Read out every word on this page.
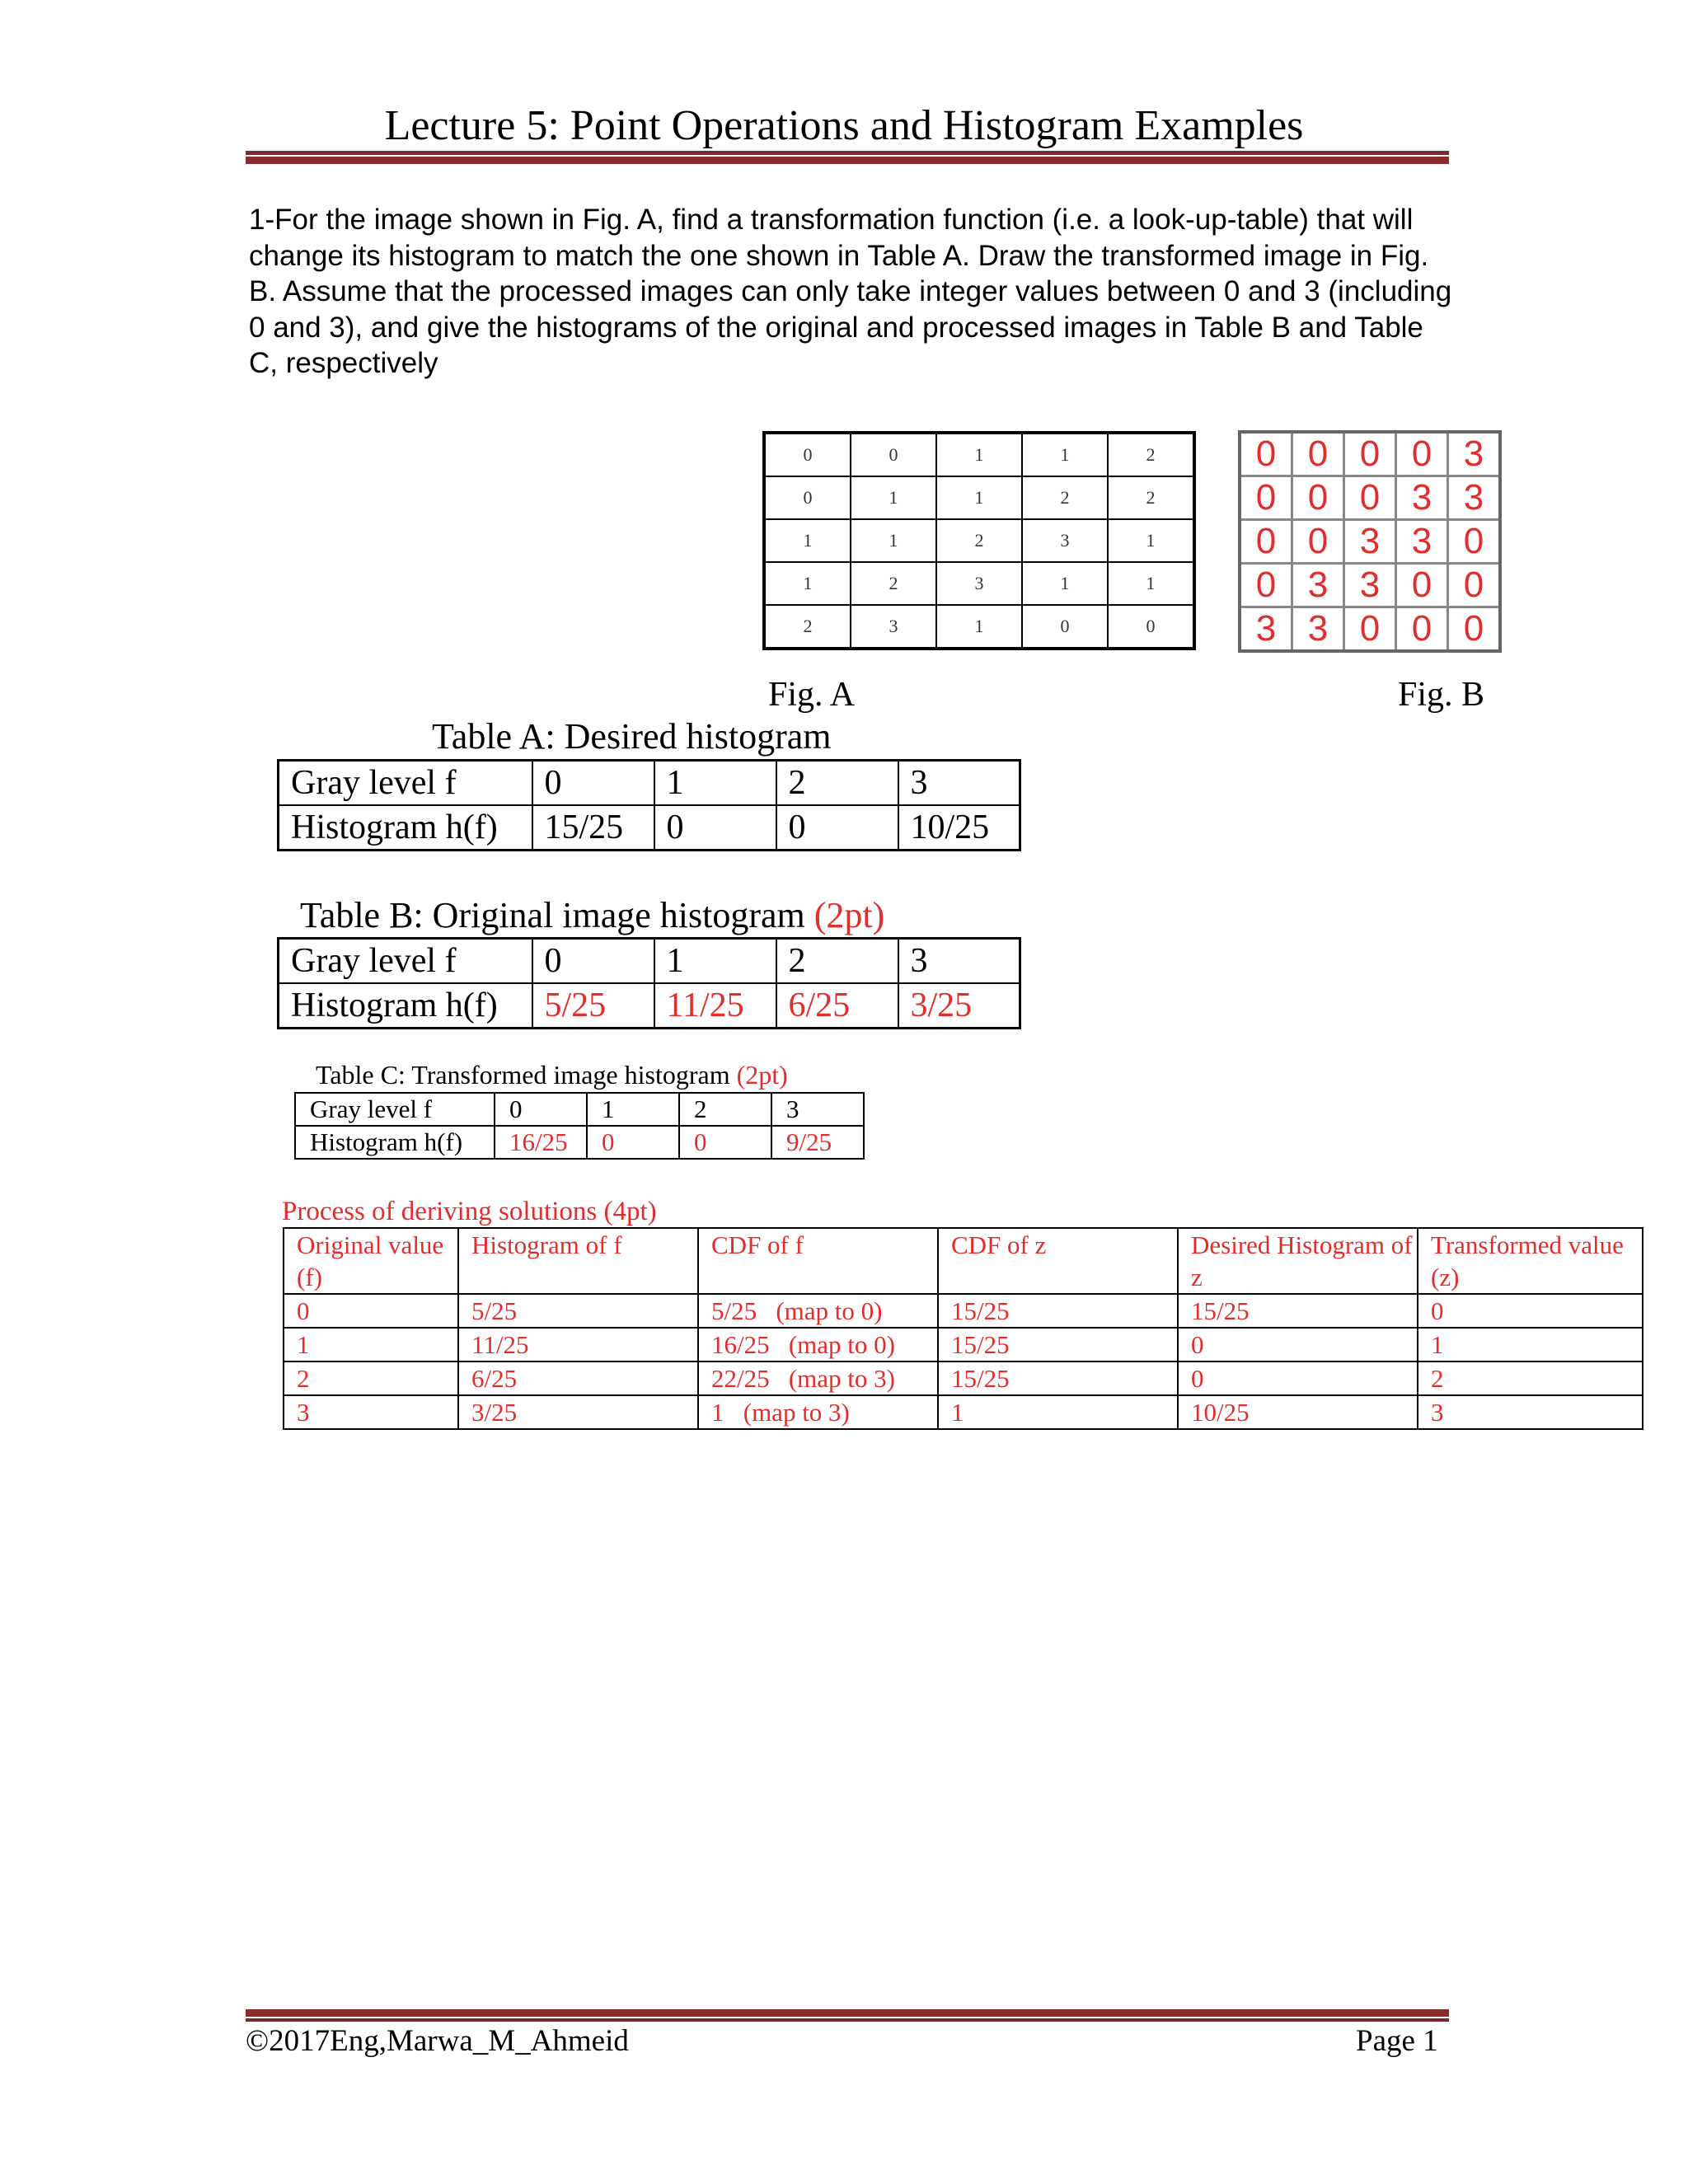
Lecture 5: Point Operations and Histogram Examples
1-For the image shown in Fig. A, find a transformation function (i.e. a look-up-table) that will change its histogram to match the one shown in Table A. Draw the transformed image in Fig. B. Assume that the processed images can only take integer values between 0 and 3 (including 0 and 3), and give the histograms of the original and processed images in Table B and Table C, respectively
0	0	1	1	2
0	1	1	2	2
1	1	2	3	1
1	2	3	1	1
2	3	1	0	0
Fig. A
0	0	0	0	3
0	0	0	3	3
0	0	3	3	0
0	3	3	0	0
3	3	0	0	0
Fig. B
Table A: Desired histogram
Gray level f	0	1	2	3
Histogram h(f)	15/25	0	0	10/25
Table B: Original image histogram (2pt)
Gray level f	0	1	2	3
Histogram h(f)	5/25	11/25	6/25	3/25
Table C: Transformed image histogram (2pt)
Gray level f	0	1	2	3
Histogram h(f)	16/25	0	0	9/25
Process of deriving solutions (4pt)
Original value (f)	Histogram of f	CDF of f	CDF of z	Desired Histogram of z	Transformed value (z)
0	5/25	5/25   (map to 0)	15/25	15/25	0
1	11/25	16/25   (map to 0)	15/25	0	1
2	6/25	22/25   (map to 3)	15/25	0	2
3	3/25	1   (map to 3)	1	10/25	3
©2017Eng,Marwa_M_Ahmeid	Page 1
